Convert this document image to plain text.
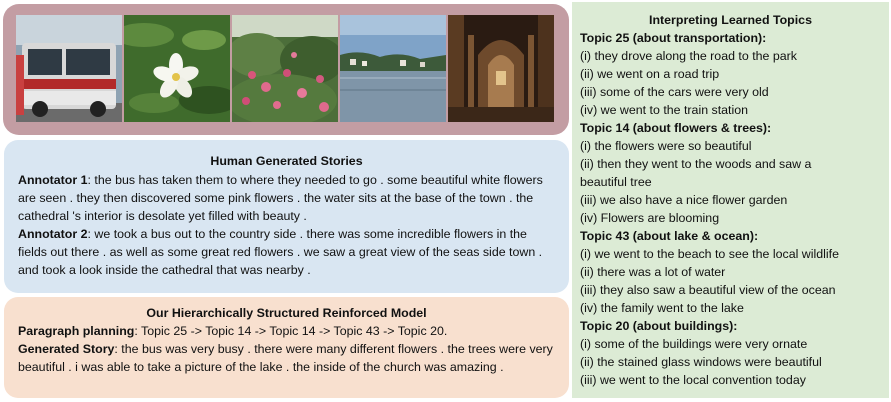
Human Generated Stories
Annotator 1: the bus has taken them to where they needed to go . some beautiful white flowers are seen . they then discovered some pink flowers . the water sits at the base of the town . the cathedral 's interior is desolate yet filled with beauty .
Annotator 2: we took a bus out to the country side . there was some incredible flowers in the fields out there . as well as some great red flowers . we saw a great view of the seas side town . and took a look inside the cathedral that was nearby .
Our Hierarchically Structured Reinforced Model
Paragraph planning: Topic 25 -> Topic 14 -> Topic 14 -> Topic 43 -> Topic 20.
Generated Story: the bus was very busy . there were many different flowers . the trees were very beautiful . i was able to take a picture of the lake . the inside of the church was amazing .
Interpreting Learned Topics
Topic 25 (about transportation):
(i) they drove along the road to the park
(ii) we went on a road trip
(iii) some of the cars were very old
(iv) we went to the train station
Topic 14 (about flowers & trees):
(i) the flowers were so beautiful
(ii) then they went to the woods and saw a beautiful tree
(iii) we also have a nice flower garden
(iv) Flowers are blooming
Topic 43 (about lake & ocean):
(i) we went to the beach to see the local wildlife
(ii) there was a lot of water
(iii) they also saw a beautiful view of the ocean
(iv) the family went to the lake
Topic 20 (about buildings):
(i) some of the buildings were very ornate
(ii) the stained glass windows were beautiful
(iii) we went to the local convention today
